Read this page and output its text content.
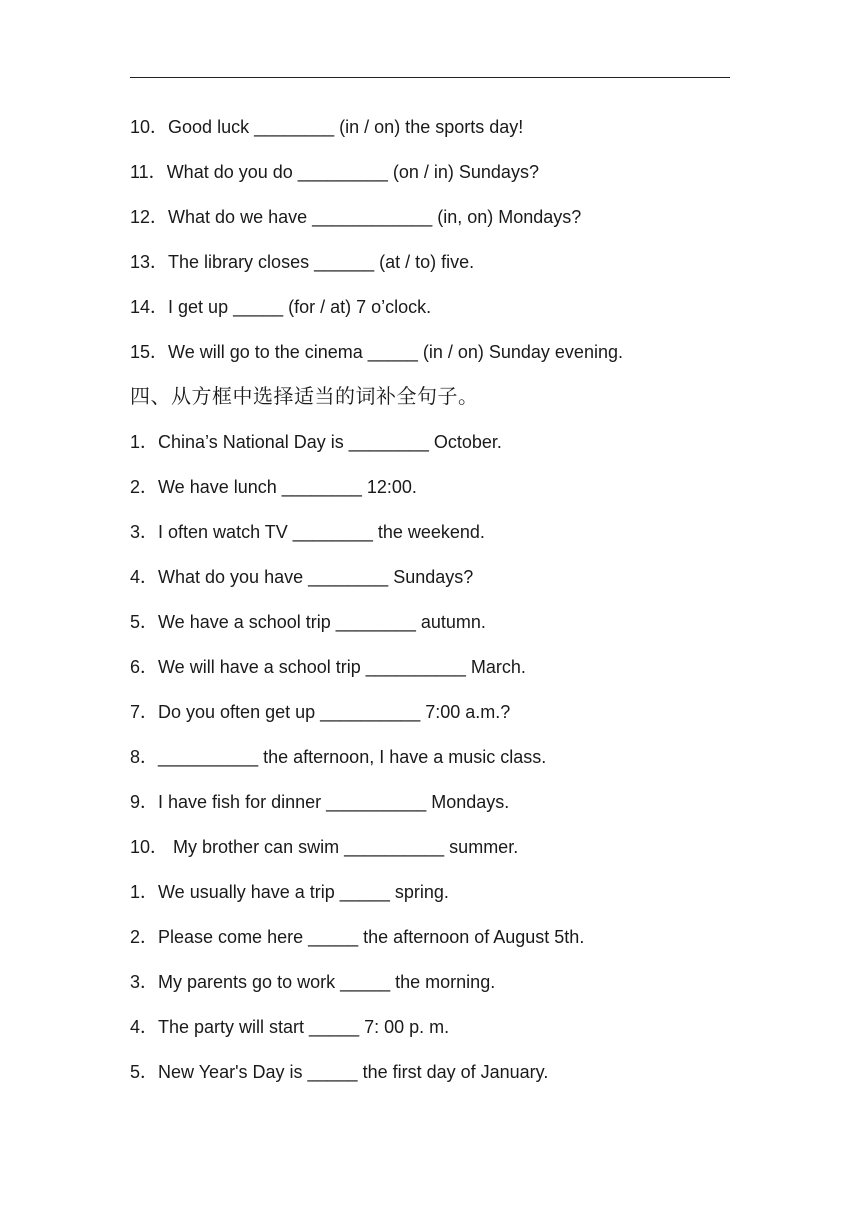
10．Good luck ________ (in / on) the sports day!
11．What do you do _________ (on / in) Sundays?
12．What do we have ____________ (in, on) Mondays?
13．The library closes ______ (at / to) five.
14．I get up _____ (for / at) 7 o’clock.
15．We will go to the cinema _____ (in / on) Sunday evening.
四、从方框中选择适当的词补全句子。
1．China’s National Day is ________ October.
2．We have lunch ________ 12:00.
3．I often watch TV ________ the weekend.
4．What do you have ________ Sundays?
5．We have a school trip ________ autumn.
6．We will have a school trip __________ March.
7．Do you often get up __________ 7:00 a.m.?
8．__________ the afternoon, I have a music class.
9．I have fish for dinner __________ Mondays.
10． My brother can swim __________ summer.
1．We usually have a trip _____ spring.
2．Please come here _____ the afternoon of August 5th.
3．My parents go to work _____ the morning.
4．The party will start _____ 7: 00 p. m.
5．New Year's Day is _____ the first day of January.
